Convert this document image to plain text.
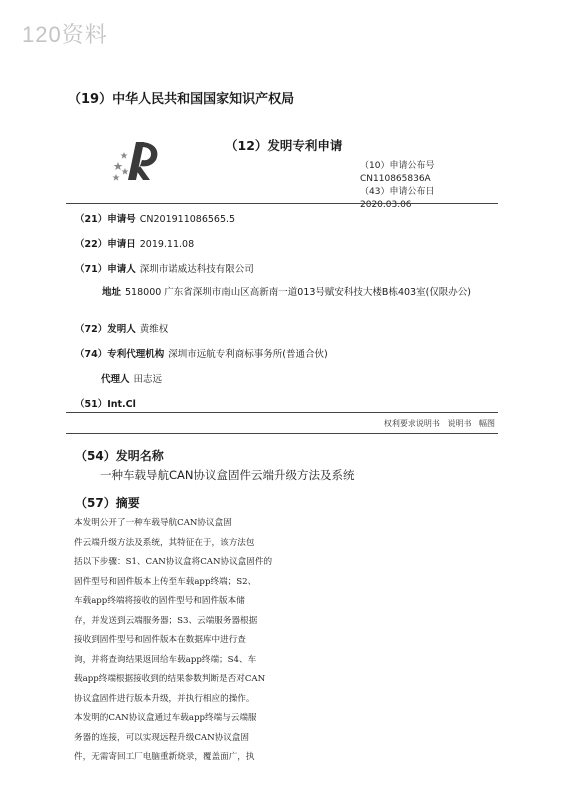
120资料
（19）中华人民共和国国家知识产权局
（12）发明专利申请
（10）申请公布号
CN110865836A
（43）申请公布日
2020.03.06
（21）申请号 CN201911086565.5
（22）申请日 2019.11.08
（71）申请人 深圳市诺威达科技有限公司
地址 518000 广东省深圳市南山区高新南一道013号赋安科技大楼B栋403室(仅限办公)
（72）发明人 黄维权
（74）专利代理机构 深圳市远航专利商标事务所(普通合伙)
代理人 田志远
（51）Int.Cl
权利要求说明书 说明书 幅图
（54）发明名称
一种车载导航CAN协议盒固件云端升级方法及系统
（57）摘要
本发明公开了一种车载导航CAN协议盒固
件云端升级方法及系统，其特征在于，该方法包
括以下步骤：S1、CAN协议盒将CAN协议盒固件的
固件型号和固件版本上传至车载app终端；S2、
车载app终端将接收的固件型号和固件版本储
存，并发送到云端服务器；S3、云端服务器根据
接收到固件型号和固件版本在数据库中进行查
询，并将查询结果返回给车载app终端；S4、车
载app终端根据接收到的结果参数判断是否对CAN
协议盒固件进行版本升级，并执行相应的操作。
本发明的CAN协议盒通过车载app终端与云端服
务器的连接，可以实现远程升级CAN协议盒固
件，无需寄回工厂电脑重新烧录，覆盖面广，执
